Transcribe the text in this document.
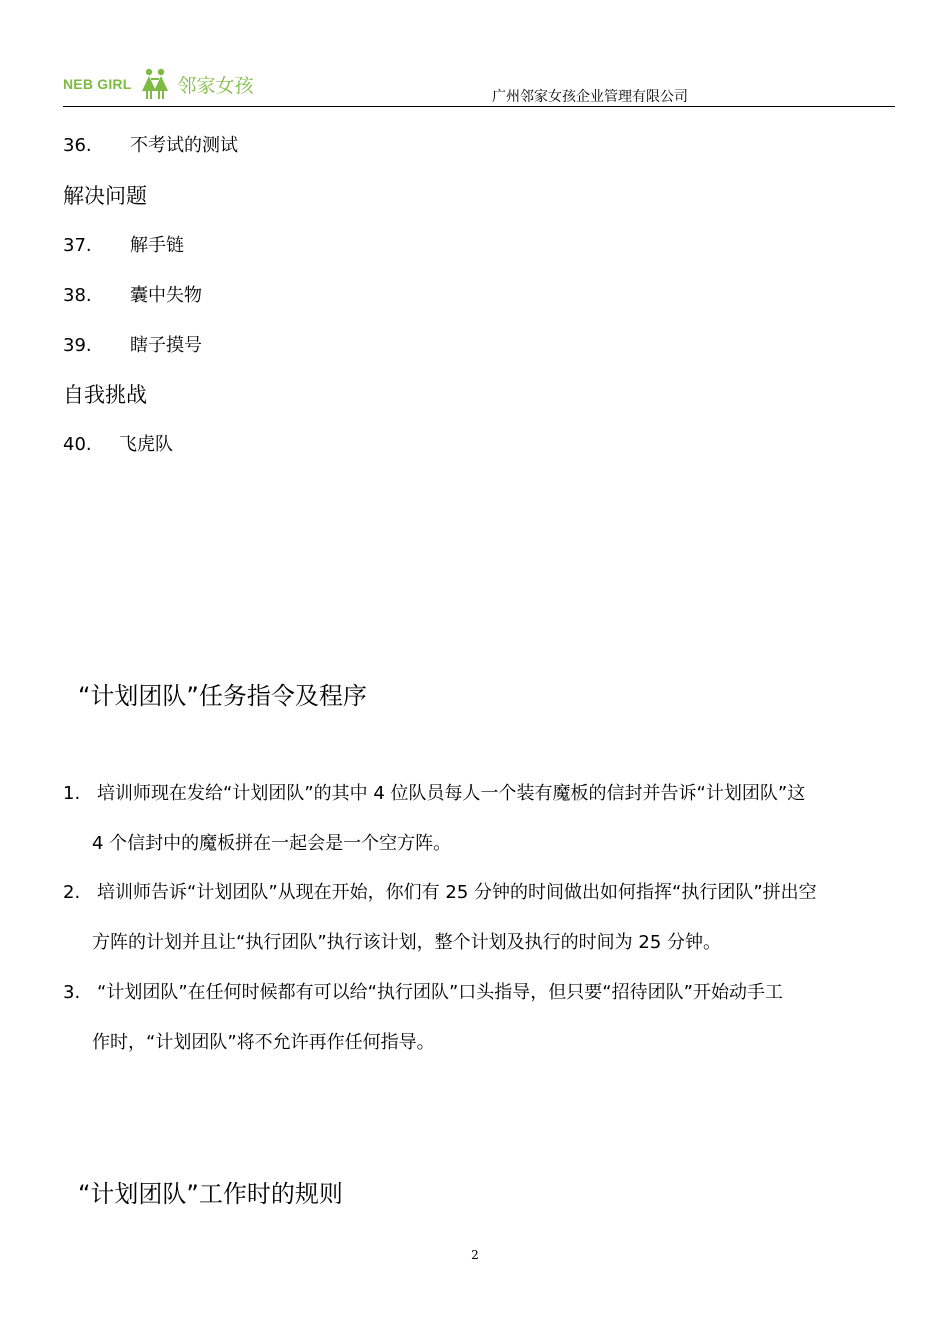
NEB GIRL 邻家女孩
广州邻家女孩企业管理有限公司
36. 不考试的测试
解决问题
37. 解手链
38. 囊中失物
39. 瞎子摸号
自我挑战
40. 飞虎队
“计划团队”任务指令及程序
1. 培训师现在发给“计划团队”的其中 4 位队员每人一个装有魔板的信封并告诉“计划团队”这
4 个信封中的魔板拼在一起会是一个空方阵。
2. 培训师告诉“计划团队”从现在开始，你们有 25 分钟的时间做出如何指挥“执行团队”拼出空
方阵的计划并且让“执行团队”执行该计划，整个计划及执行的时间为 25 分钟。
3. “计划团队”在任何时候都有可以给“执行团队”口头指导，但只要“招待团队”开始动手工
作时，“计划团队”将不允许再作任何指导。
“计划团队”工作时的规则
2
